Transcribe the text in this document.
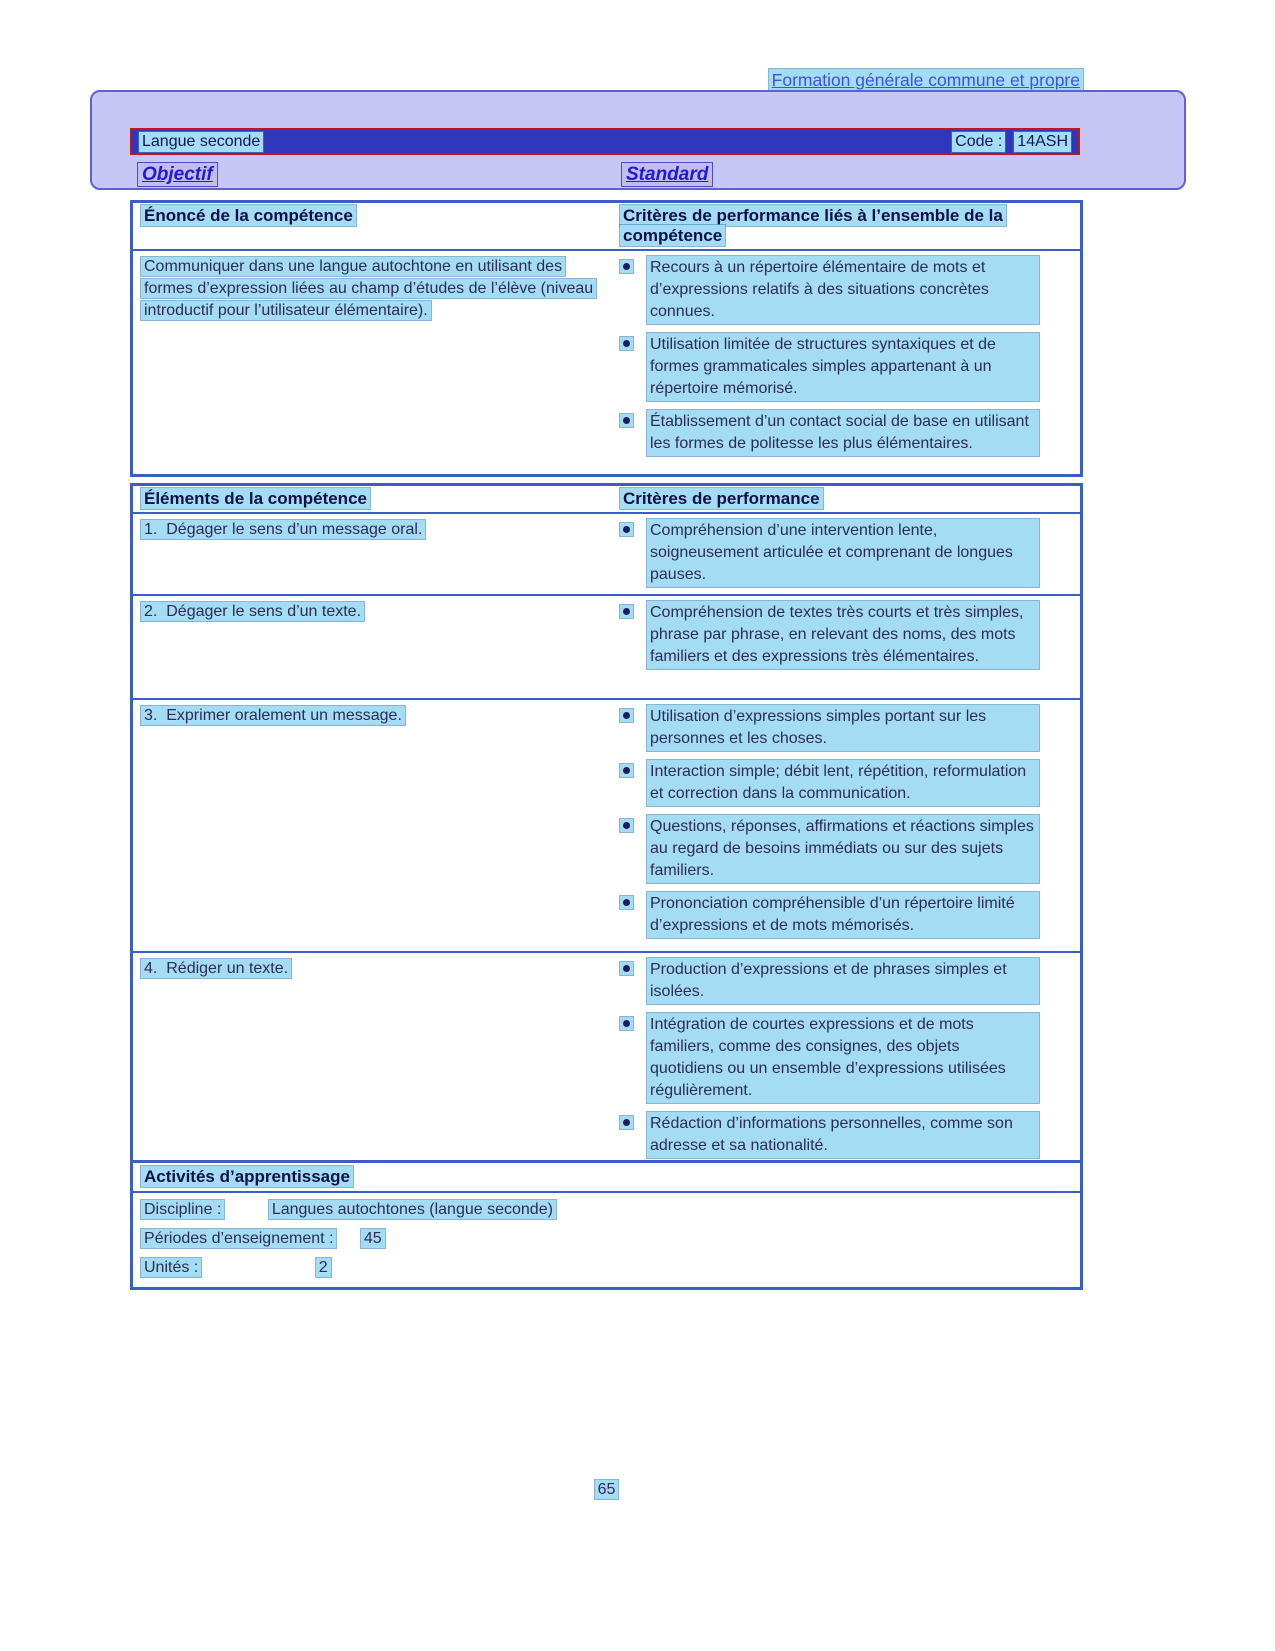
Formation générale commune et propre
Langue seconde	Code : 14ASH
Objectif	Standard
Énoncé de la compétence	Critères de performance liés à l’ensemble de la compétence
Communiquer dans une langue autochtone en utilisant des formes d’expression liées au champ d’études de l’élève (niveau introductif pour l’utilisateur élémentaire).
Recours à un répertoire élémentaire de mots et d’expressions relatifs à des situations concrètes connues.
Utilisation limitée de structures syntaxiques et de formes grammaticales simples appartenant à un répertoire mémorisé.
Établissement d’un contact social de base en utilisant les formes de politesse les plus élémentaires.
Éléments de la compétence	Critères de performance
1.  Dégager le sens d’un message oral.	Compréhension d’une intervention lente, soigneusement articulée et comprenant de longues pauses.
2.  Dégager le sens d’un texte.	Compréhension de textes très courts et très simples, phrase par phrase, en relevant des noms, des mots familiers et des expressions très élémentaires.
3.  Exprimer oralement un message.	Utilisation d’expressions simples portant sur les personnes et les choses.
Interaction simple; débit lent, répétition, reformulation et correction dans la communication.
Questions, réponses, affirmations et réactions simples au regard de besoins immédiats ou sur des sujets familiers.
Prononciation compréhensible d’un répertoire limité d’expressions et de mots mémorisés.
4.  Rédiger un texte.	Production d’expressions et de phrases simples et isolées.
Intégration de courtes expressions et de mots familiers, comme des consignes, des objets quotidiens ou un ensemble d’expressions utilisées régulièrement.
Rédaction d’informations personnelles, comme son adresse et sa nationalité.
Activités d’apprentissage
Discipline :	Langues autochtones (langue seconde)
Périodes d’enseignement : 45
Unités :	2
65
